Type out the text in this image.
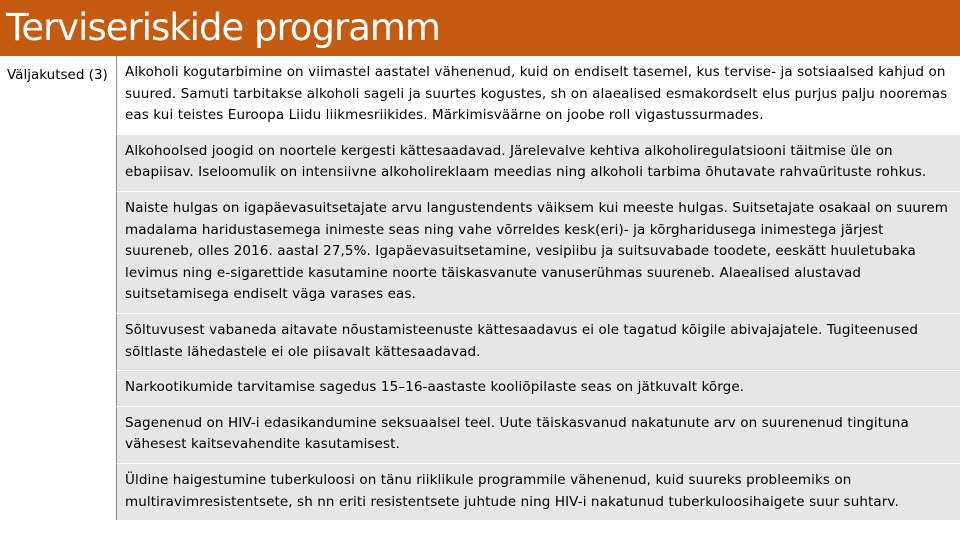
Terviseriskide programm
Väljakutsed (3)	Alkoholi kogutarbimine on viimastel aastatel vähenenud, kuid on endiselt tasemel, kus tervise- ja sotsiaalsed kahjud on suured. Samuti tarbitakse alkoholi sageli ja suurtes kogustes, sh on alaealised esmakordselt elus purjus palju nooremas eas kui teistes Euroopa Liidu liikmesriikides. Märkimisväärne on joobe roll vigastussurmades.

Alkohoolsed joogid on noortele kergesti kättesaadavad. Järelevalve kehtiva alkoholiregulatsiooni täitmise üle on ebapiisav. Iseloomulik on intensiivne alkoholireklaam meedias ning alkoholi tarbima õhutavate rahvaürituste rohkus.

Naiste hulgas on igapäevasuitsetajate arvu langustendents väiksem kui meeste hulgas. Suitsetajate osakaal on suurem madalama haridustasemega inimeste seas ning vahe võrreldes kesk(eri)- ja kõrgharidusega inimestega järjest suureneb, olles 2016. aastal 27,5%. Igapäevasuitsetamine, vesipiibu ja suitsuvabade toodete, eeskätt huuletubaka levimus ning e-sigarettide kasutamine noorte täiskasvanute vanuserühmas suureneb. Alaealised alustavad suitsetamisega endiselt väga varases eas.

Sõltuvusest vabaneda aitavate nõustamisteenuste kättesaadavus ei ole tagatud kõigile abivajajatele. Tugiteenused sõltlaste lähedastele ei ole piisavalt kättesaadavad.

Narkootikumide tarvitamise sagedus 15–16-aastaste kooliõpilaste seas on jätkuvalt kõrge.

Sagenenud on HIV-i edasikandumine seksuaalsel teel. Uute täiskasvanud nakatunute arv on suurenenud tingituna vähesest kaitsevahendite kasutamisest.

Üldine haigestumine tuberkuloosi on tänu riiklikule programmile vähenenud, kuid suureks probleemiks on multiravimresistentsete, sh nn eriti resistentsete juhtude ning HIV-i nakatunud tuberkuloosihaigete suur suhtarv.
